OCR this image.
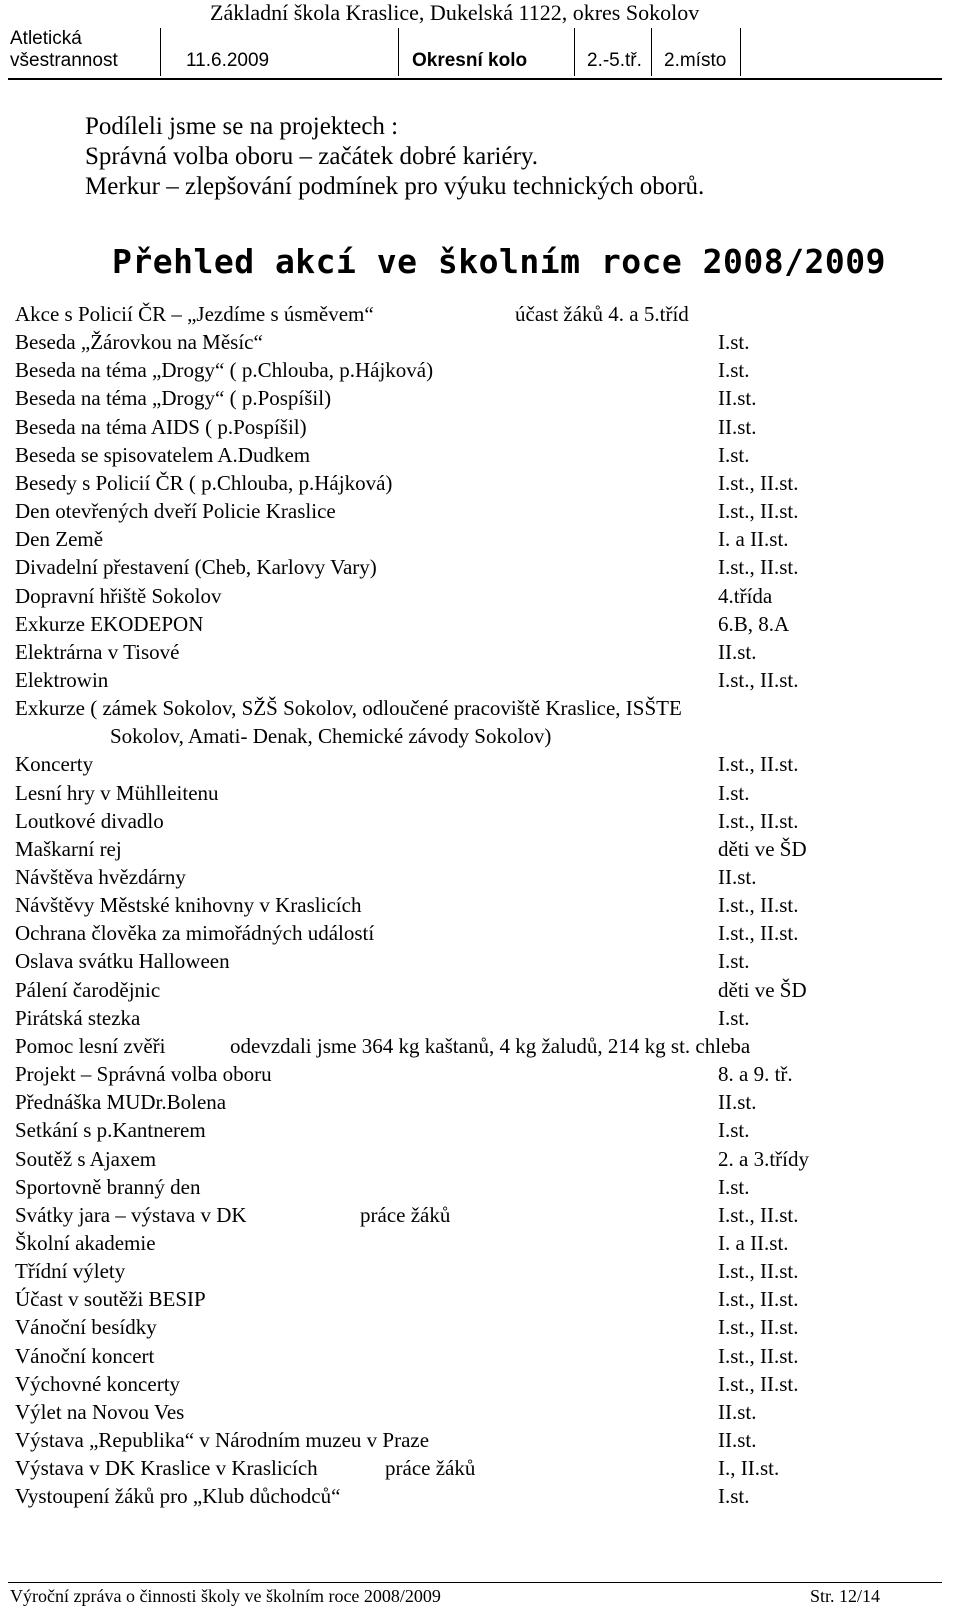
Základní škola Kraslice, Dukelská 1122, okres Sokolov
Atletická
všestrannost	11.6.2009	Okresní kolo	2.-5.tř. 2.místo
Podíleli jsme se na projektech :
Správná volba oboru – začátek dobré kariéry.
Merkur – zlepšování podmínek pro výuku technických oborů.
Přehled akcí ve školním roce 2008/2009
Akce s Policií ČR – „Jezdíme s úsměvem“	účast žáků 4. a 5.tříd
Beseda „Žárovkou na Měsíc“	I.st.
Beseda na téma „Drogy“ ( p.Chlouba, p.Hájková)	I.st.
Beseda na téma „Drogy“ ( p.Pospíšil)	II.st.
Beseda na téma AIDS ( p.Pospíšil)	II.st.
Beseda se spisovatelem A.Dudkem	I.st.
Besedy s Policií ČR ( p.Chlouba, p.Hájková)	I.st., II.st.
Den otevřených dveří Policie Kraslice	I.st., II.st.
Den Země	I. a II.st.
Divadelní přestavení (Cheb, Karlovy Vary)	I.st., II.st.
Dopravní hřiště Sokolov	4.třída
Exkurze EKODEPON	6.B, 8.A
Elektrárna v Tisové	II.st.
Elektrowin	I.st., II.st.
Exkurze ( zámek Sokolov, SŽŠ Sokolov, odloučené pracoviště Kraslice, ISŠTE
Sokolov, Amati- Denak, Chemické závody Sokolov)
Koncerty	I.st., II.st.
Lesní hry v Mühlleitenu	I.st.
Loutkové divadlo	I.st., II.st.
Maškarní rej	děti ve ŠD
Návštěva hvězdárny	II.st.
Návštěvy Městské knihovny v Kraslicích	I.st., II.st.
Ochrana člověka za mimořádných událostí	I.st., II.st.
Oslava svátku Halloween	I.st.
Pálení čarodějnic	děti ve ŠD
Pirátská stezka	I.st.
Pomoc lesní zvěři	odevzdali jsme 364 kg kaštanů, 4 kg žaludů, 214 kg st. chleba
Projekt – Správná volba oboru	8. a 9. tř.
Přednáška MUDr.Bolena	II.st.
Setkání s p.Kantnerem	I.st.
Soutěž s Ajaxem	2. a 3.třídy
Sportovně branný den	I.st.
Svátky jara – výstava v DK	práce žáků	I.st., II.st.
Školní akademie	I. a II.st.
Třídní výlety	I.st., II.st.
Účast v soutěži BESIP	I.st., II.st.
Vánoční besídky	I.st., II.st.
Vánoční koncert	I.st., II.st.
Výchovné koncerty	I.st., II.st.
Výlet na Novou Ves	II.st.
Výstava „Republika“ v Národním muzeu v Praze	II.st.
Výstava v DK Kraslice v Kraslicích	práce žáků	I., II.st.
Vystoupení žáků pro „Klub důchodců“	I.st.
Výroční zpráva o činnosti školy ve školním roce 2008/2009	Str. 12/14
